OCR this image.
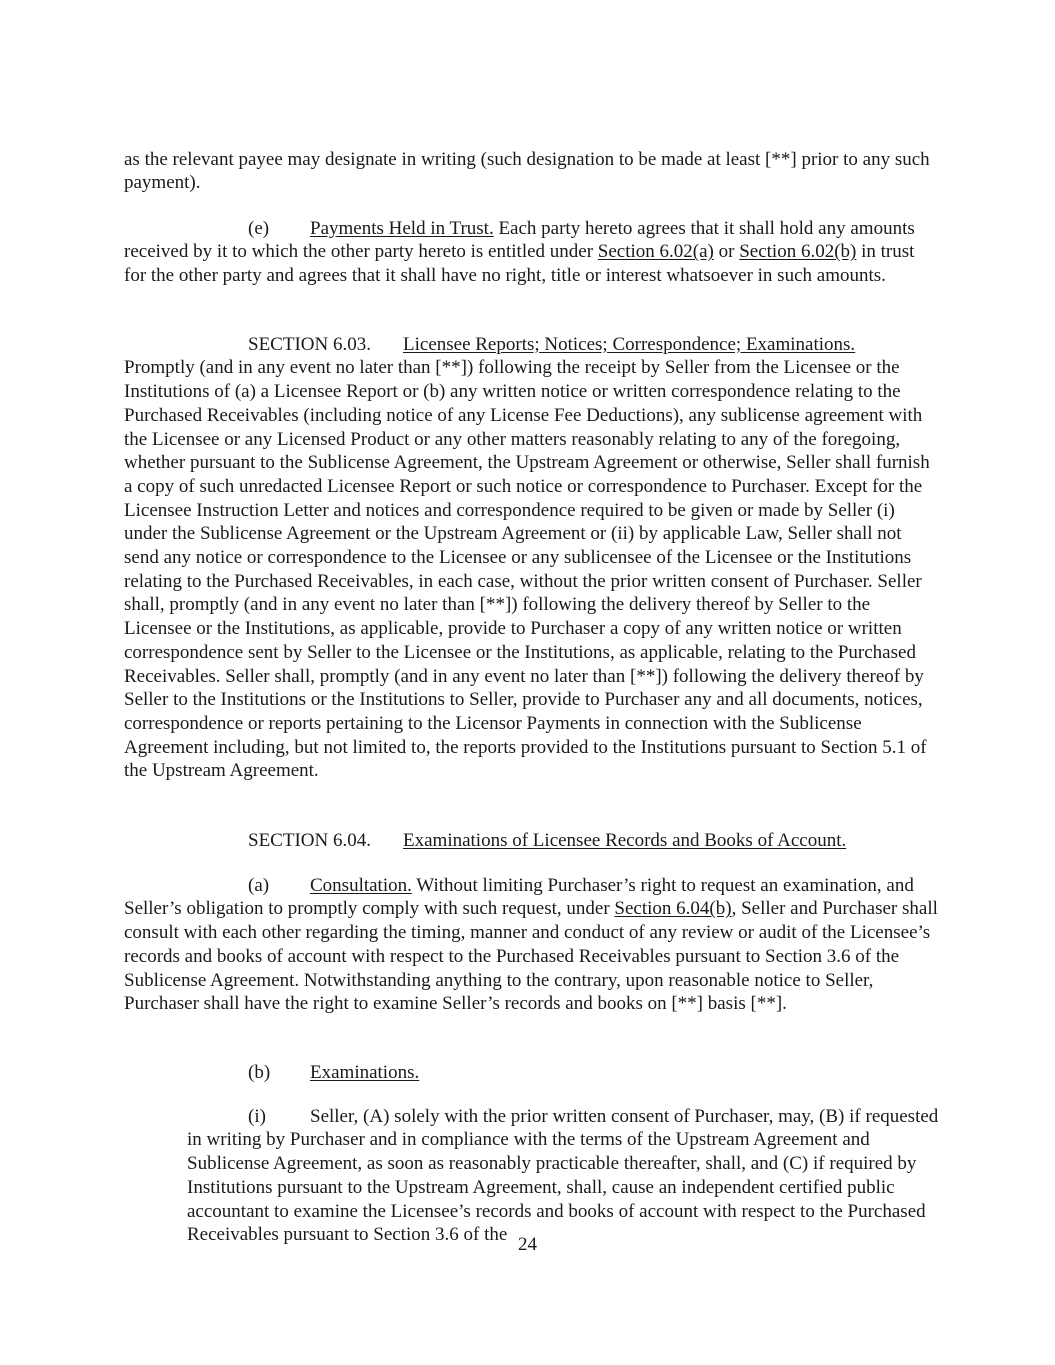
as the relevant payee may designate in writing (such designation to be made at least [**] prior to any such payment).

(e) Payments Held in Trust. Each party hereto agrees that it shall hold any amounts received by it to which the other party hereto is entitled under Section 6.02(a) or Section 6.02(b) in trust for the other party and agrees that it shall have no right, title or interest whatsoever in such amounts.

SECTION 6.03. Licensee Reports; Notices; Correspondence; Examinations.
Promptly (and in any event no later than [**]) following the receipt by Seller from the Licensee or the Institutions of (a) a Licensee Report or (b) any written notice or written correspondence relating to the Purchased Receivables (including notice of any License Fee Deductions), any sublicense agreement with the Licensee or any Licensed Product or any other matters reasonably relating to any of the foregoing, whether pursuant to the Sublicense Agreement, the Upstream Agreement or otherwise, Seller shall furnish a copy of such unredacted Licensee Report or such notice or correspondence to Purchaser. Except for the Licensee Instruction Letter and notices and correspondence required to be given or made by Seller (i) under the Sublicense Agreement or the Upstream Agreement or (ii) by applicable Law, Seller shall not send any notice or correspondence to the Licensee or any sublicensee of the Licensee or the Institutions relating to the Purchased Receivables, in each case, without the prior written consent of Purchaser. Seller shall, promptly (and in any event no later than [**]) following the delivery thereof by Seller to the Licensee or the Institutions, as applicable, provide to Purchaser a copy of any written notice or written correspondence sent by Seller to the Licensee or the Institutions, as applicable, relating to the Purchased Receivables. Seller shall, promptly (and in any event no later than [**]) following the delivery thereof by Seller to the Institutions or the Institutions to Seller, provide to Purchaser any and all documents, notices, correspondence or reports pertaining to the Licensor Payments in connection with the Sublicense Agreement including, but not limited to, the reports provided to the Institutions pursuant to Section 5.1 of the Upstream Agreement.

SECTION 6.04. Examinations of Licensee Records and Books of Account.

(a) Consultation. Without limiting Purchaser’s right to request an examination, and Seller’s obligation to promptly comply with such request, under Section 6.04(b), Seller and Purchaser shall consult with each other regarding the timing, manner and conduct of any review or audit of the Licensee’s records and books of account with respect to the Purchased Receivables pursuant to Section 3.6 of the Sublicense Agreement. Notwithstanding anything to the contrary, upon reasonable notice to Seller, Purchaser shall have the right to examine Seller’s records and books on [**] basis [**].

(b) Examinations.

(i) Seller, (A) solely with the prior written consent of Purchaser, may, (B) if requested in writing by Purchaser and in compliance with the terms of the Upstream Agreement and Sublicense Agreement, as soon as reasonably practicable thereafter, shall, and (C) if required by Institutions pursuant to the Upstream Agreement, shall, cause an independent certified public accountant to examine the Licensee’s records and books of account with respect to the Purchased Receivables pursuant to Section 3.6 of the 24
